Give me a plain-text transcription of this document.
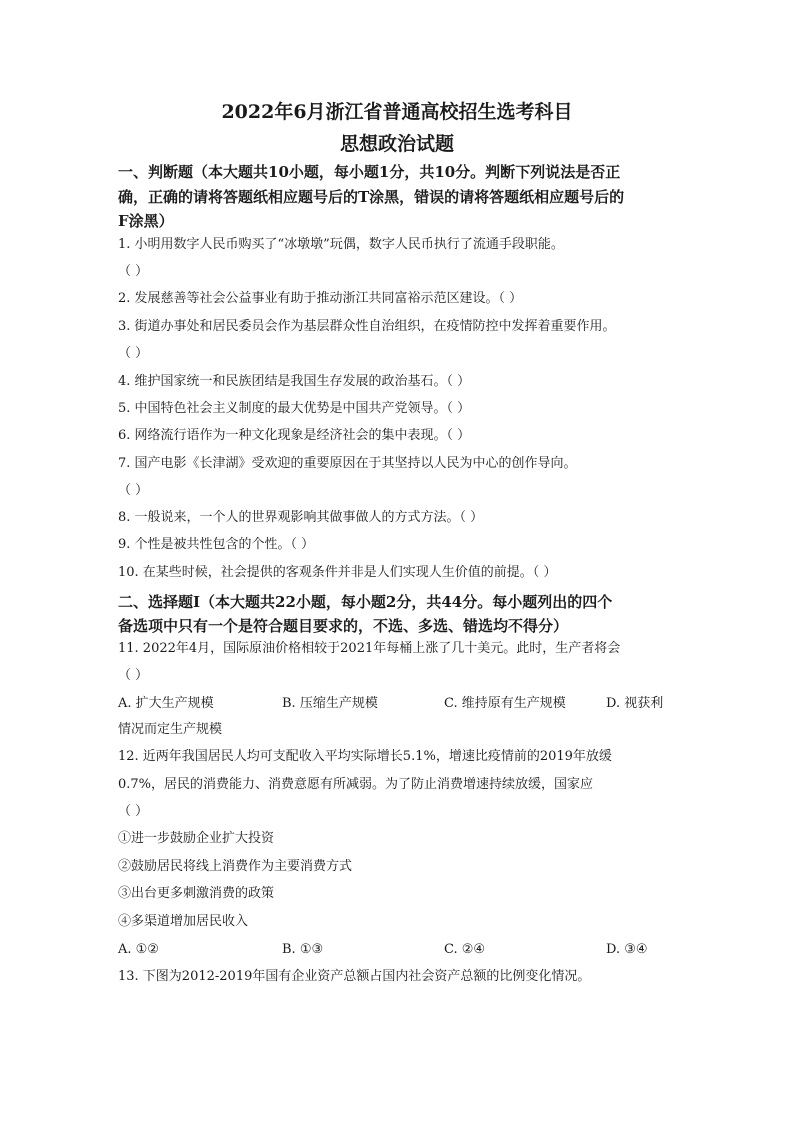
2022年6月浙江省普通高校招生选考科目
思想政治试题
一、判断题（本大题共10小题，每小题1分，共10分。判断下列说法是否正
确，正确的请将答题纸相应题号后的T涂黑，错误的请将答题纸相应题号后的
F涂黑）
1. 小明用数字人民币购买了“冰墩墩”玩偶，数字人民币执行了流通手段职能。
（ ）
2. 发展慈善等社会公益事业有助于推动浙江共同富裕示范区建设。（ ）
3. 街道办事处和居民委员会作为基层群众性自治组织，在疫情防控中发挥着重要作用。
（ ）
4. 维护国家统一和民族团结是我国生存发展的政治基石。（ ）
5. 中国特色社会主义制度的最大优势是中国共产党领导。（ ）
6. 网络流行语作为一种文化现象是经济社会的集中表现。（ ）
7. 国产电影《长津湖》受欢迎的重要原因在于其坚持以人民为中心的创作导向。
（ ）
8. 一般说来，一个人的世界观影响其做事做人的方式方法。（ ）
9. 个性是被共性包含的个性。（ ）
10. 在某些时候，社会提供的客观条件并非是人们实现人生价值的前提。（ ）
二、选择题Ⅰ（本大题共22小题，每小题2分，共44分。每小题列出的四个
备选项中只有一个是符合题目要求的，不选、多选、错选均不得分）
11. 2022年4月，国际原油价格相较于2021年每桶上涨了几十美元。此时，生产者将会
（ ）
A. 扩大生产规模	B. 压缩生产规模	C. 维持原有生产规模	D. 视获利
情况而定生产规模
12. 近两年我国居民人均可支配收入平均实际增长5.1%，增速比疫情前的2019年放缓
0.7%，居民的消费能力、消费意愿有所减弱。为了防止消费增速持续放缓，国家应
（ ）
①进一步鼓励企业扩大投资
②鼓励居民将线上消费作为主要消费方式
③出台更多刺激消费的政策
④多渠道增加居民收入
A. ①②	B. ①③	C. ②④	D. ③④
13. 下图为2012-2019年国有企业资产总额占国内社会资产总额的比例变化情况。
